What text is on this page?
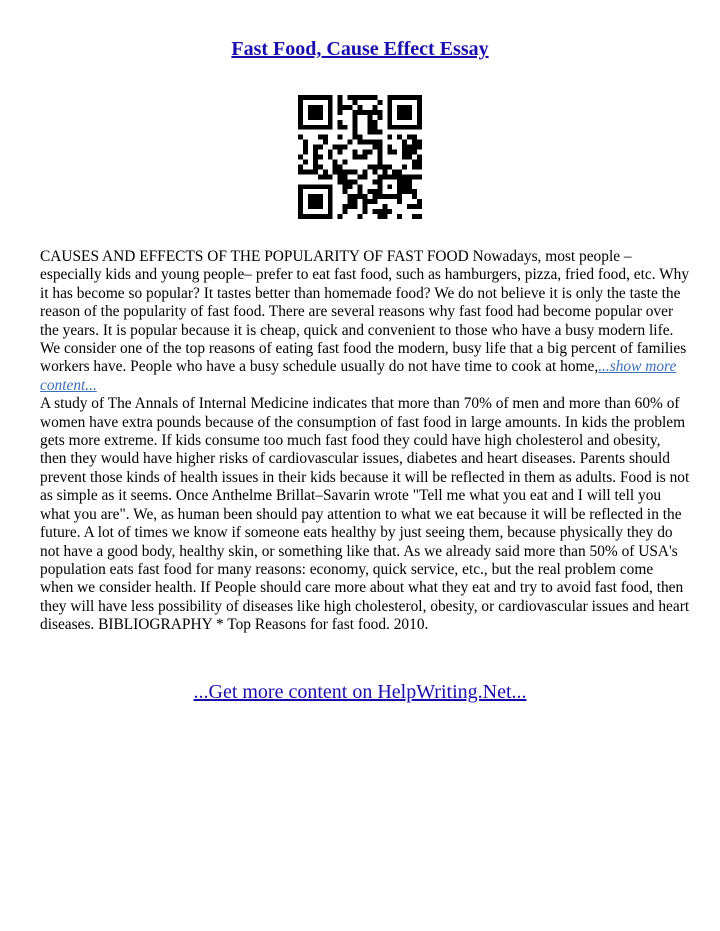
Fast Food, Cause Effect Essay

CAUSES AND EFFECTS OF THE POPULARITY OF FAST FOOD Nowadays, most people – especially kids and young people– prefer to eat fast food, such as hamburgers, pizza, fried food, etc. Why it has become so popular? It tastes better than homemade food? We do not believe it is only the taste the reason of the popularity of fast food. There are several reasons why fast food had become popular over the years. It is popular because it is cheap, quick and convenient to those who have a busy modern life. We consider one of the top reasons of eating fast food the modern, busy life that a big percent of families workers have. People who have a busy schedule usually do not have time to cook at home,...show more content...

A study of The Annals of Internal Medicine indicates that more than 70% of men and more than 60% of women have extra pounds because of the consumption of fast food in large amounts. In kids the problem gets more extreme. If kids consume too much fast food they could have high cholesterol and obesity, then they would have higher risks of cardiovascular issues, diabetes and heart diseases. Parents should prevent those kinds of health issues in their kids because it will be reflected in them as adults. Food is not as simple as it seems. Once Anthelme Brillat–Savarin wrote "Tell me what you eat and I will tell you what you are". We, as human been should pay attention to what we eat because it will be reflected in the future. A lot of times we know if someone eats healthy by just seeing them, because physically they do not have a good body, healthy skin, or something like that. As we already said more than 50% of USA's population eats fast food for many reasons: economy, quick service, etc., but the real problem come when we consider health. If People should care more about what they eat and try to avoid fast food, then they will have less possibility of diseases like high cholesterol, obesity, or cardiovascular issues and heart diseases. BIBLIOGRAPHY * Top Reasons for fast food. 2010.

...Get more content on HelpWriting.Net...
